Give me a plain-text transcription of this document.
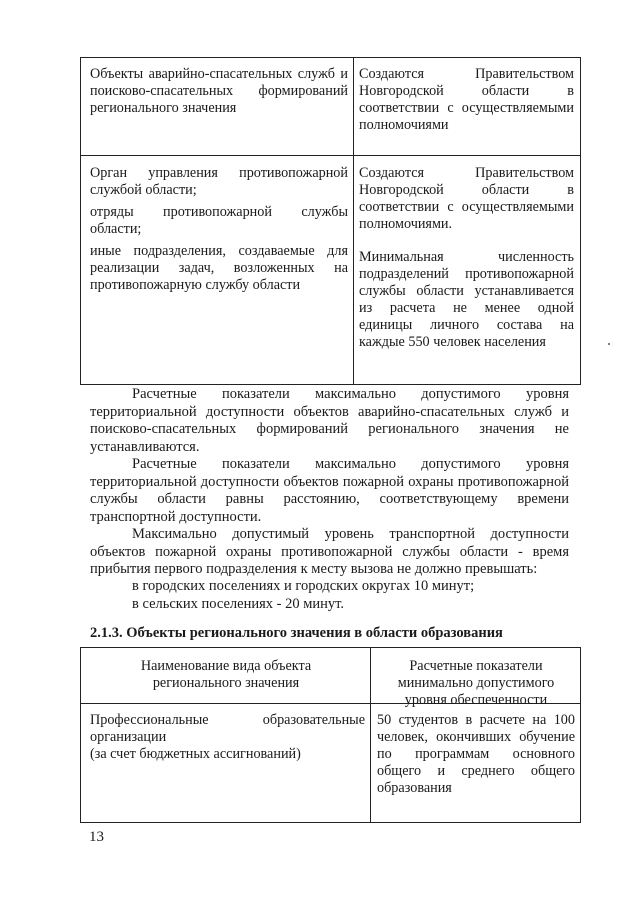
Объекты аварийно-спасательных служб и поисково-спасательных формирований регионального значения

Создаются Правительством Новгородской области в соответствии с осуществляемыми полномочиями

Орган управления противопожарной службой области;

отряды противопожарной службы области;

иные подразделения, создаваемые для реализации задач, возложенных на противопожарную службу области

Создаются Правительством Новгородской области в соответствии с осуществляемыми полномочиями.

Минимальная численность подразделений противопожарной службы области устанавливается из расчета не менее одной единицы личного состава на каждые 550 человек населения

Расчетные показатели максимально допустимого уровня территориальной доступности объектов аварийно-спасательных служб и поисково-спасательных формирований регионального значения не устанавливаются.

Расчетные показатели максимально допустимого уровня территориальной доступности объектов пожарной охраны противопожарной службы области равны расстоянию, соответствующему времени транспортной доступности.

Максимально допустимый уровень транспортной доступности объектов пожарной охраны противопожарной службы области - время прибытия первого подразделения к месту вызова не должно превышать:

в городских поселениях и городских округах 10 минут;

в сельских поселениях - 20 минут.

2.1.3. Объекты регионального значения в области образования

Наименование вида объекта регионального значения

Расчетные показатели минимально допустимого уровня обеспеченности

Профессиональные образовательные организации

(за счет бюджетных ассигнований)

50 студентов в расчете на 100 человек, окончивших обучение по программам основного общего и среднего общего образования

13
